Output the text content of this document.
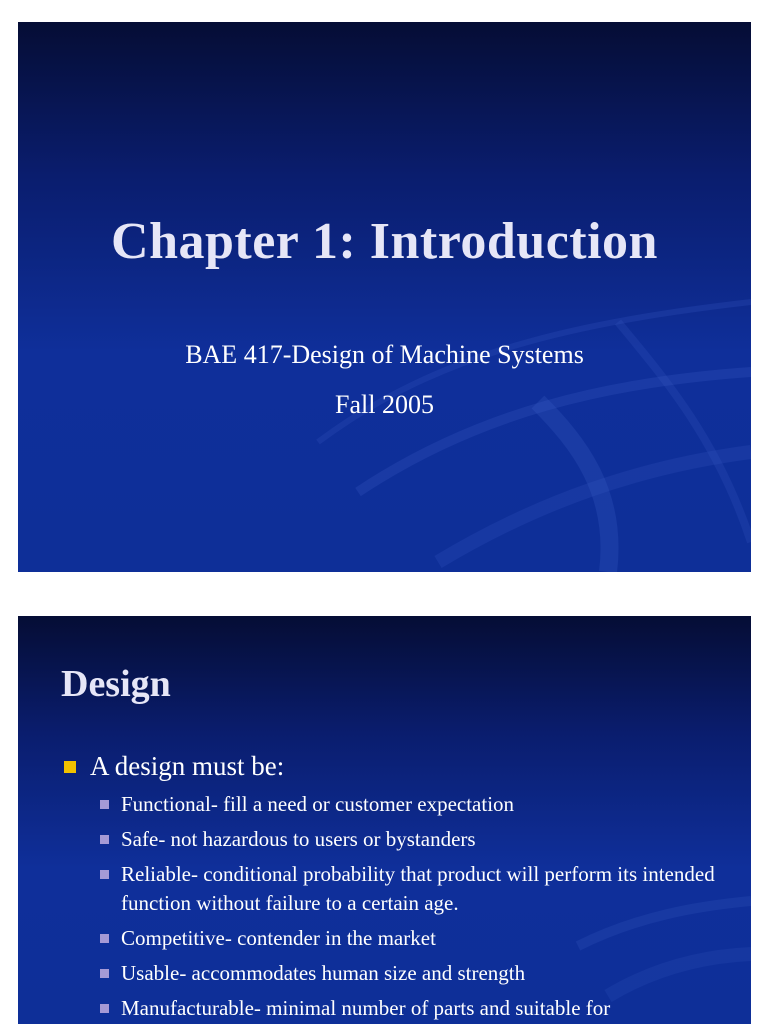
Chapter 1: Introduction
BAE 417-Design of Machine Systems
Fall 2005
Design
A design must be:
Functional- fill a need or customer expectation
Safe- not hazardous to users or bystanders
Reliable- conditional probability that product will perform its intended function without failure to a certain age.
Competitive- contender in the market
Usable- accommodates human size and strength
Manufacturable- minimal number of parts and suitable for
